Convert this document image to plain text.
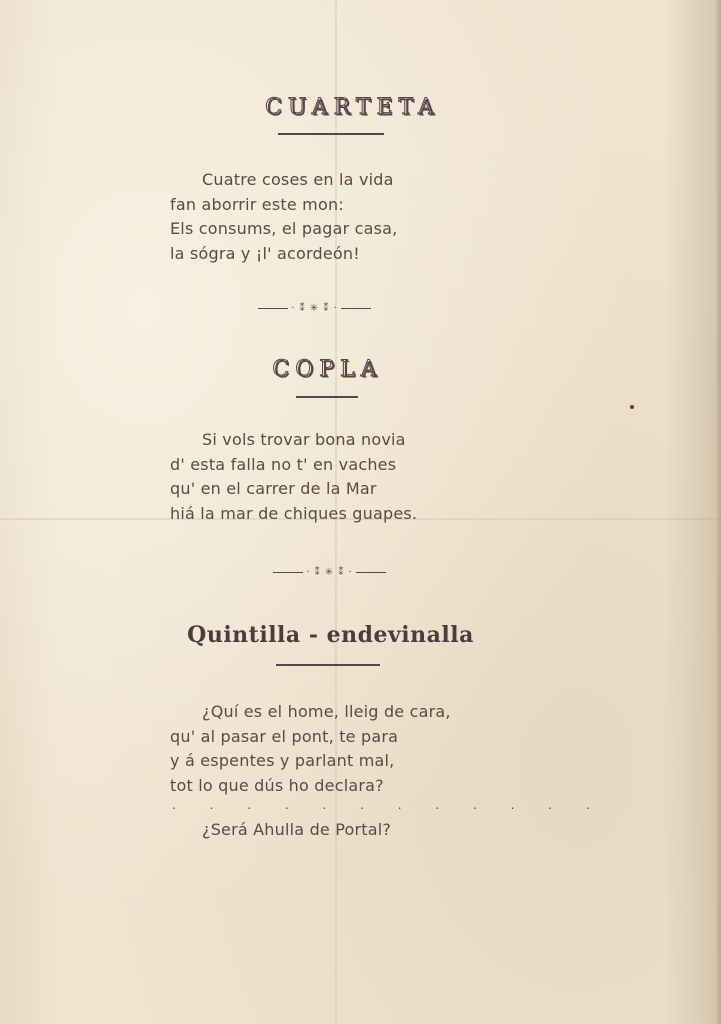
CUARTETA
Cuatre coses en la vida
fan aborrir este mon:
Els consums, el pagar casa,
la sógra y ¡l' acordeón!
· ⁑ ✳ ⁑ ·
COPLA
Si vols trovar bona novia
d' esta falla no t' en vaches
qu' en el carrer de la Mar
hiá la mar de chiques guapes.
· ⁑ ✳ ⁑ ·
Quintilla - endevinalla
¿Quí es el home, lleig de cara,
qu' al pasar el pont, te para
y á espentes y parlant mal,
tot lo que dús ho declara?
. . . . . . . . . . . .
¿Será Ahulla de Portal?
